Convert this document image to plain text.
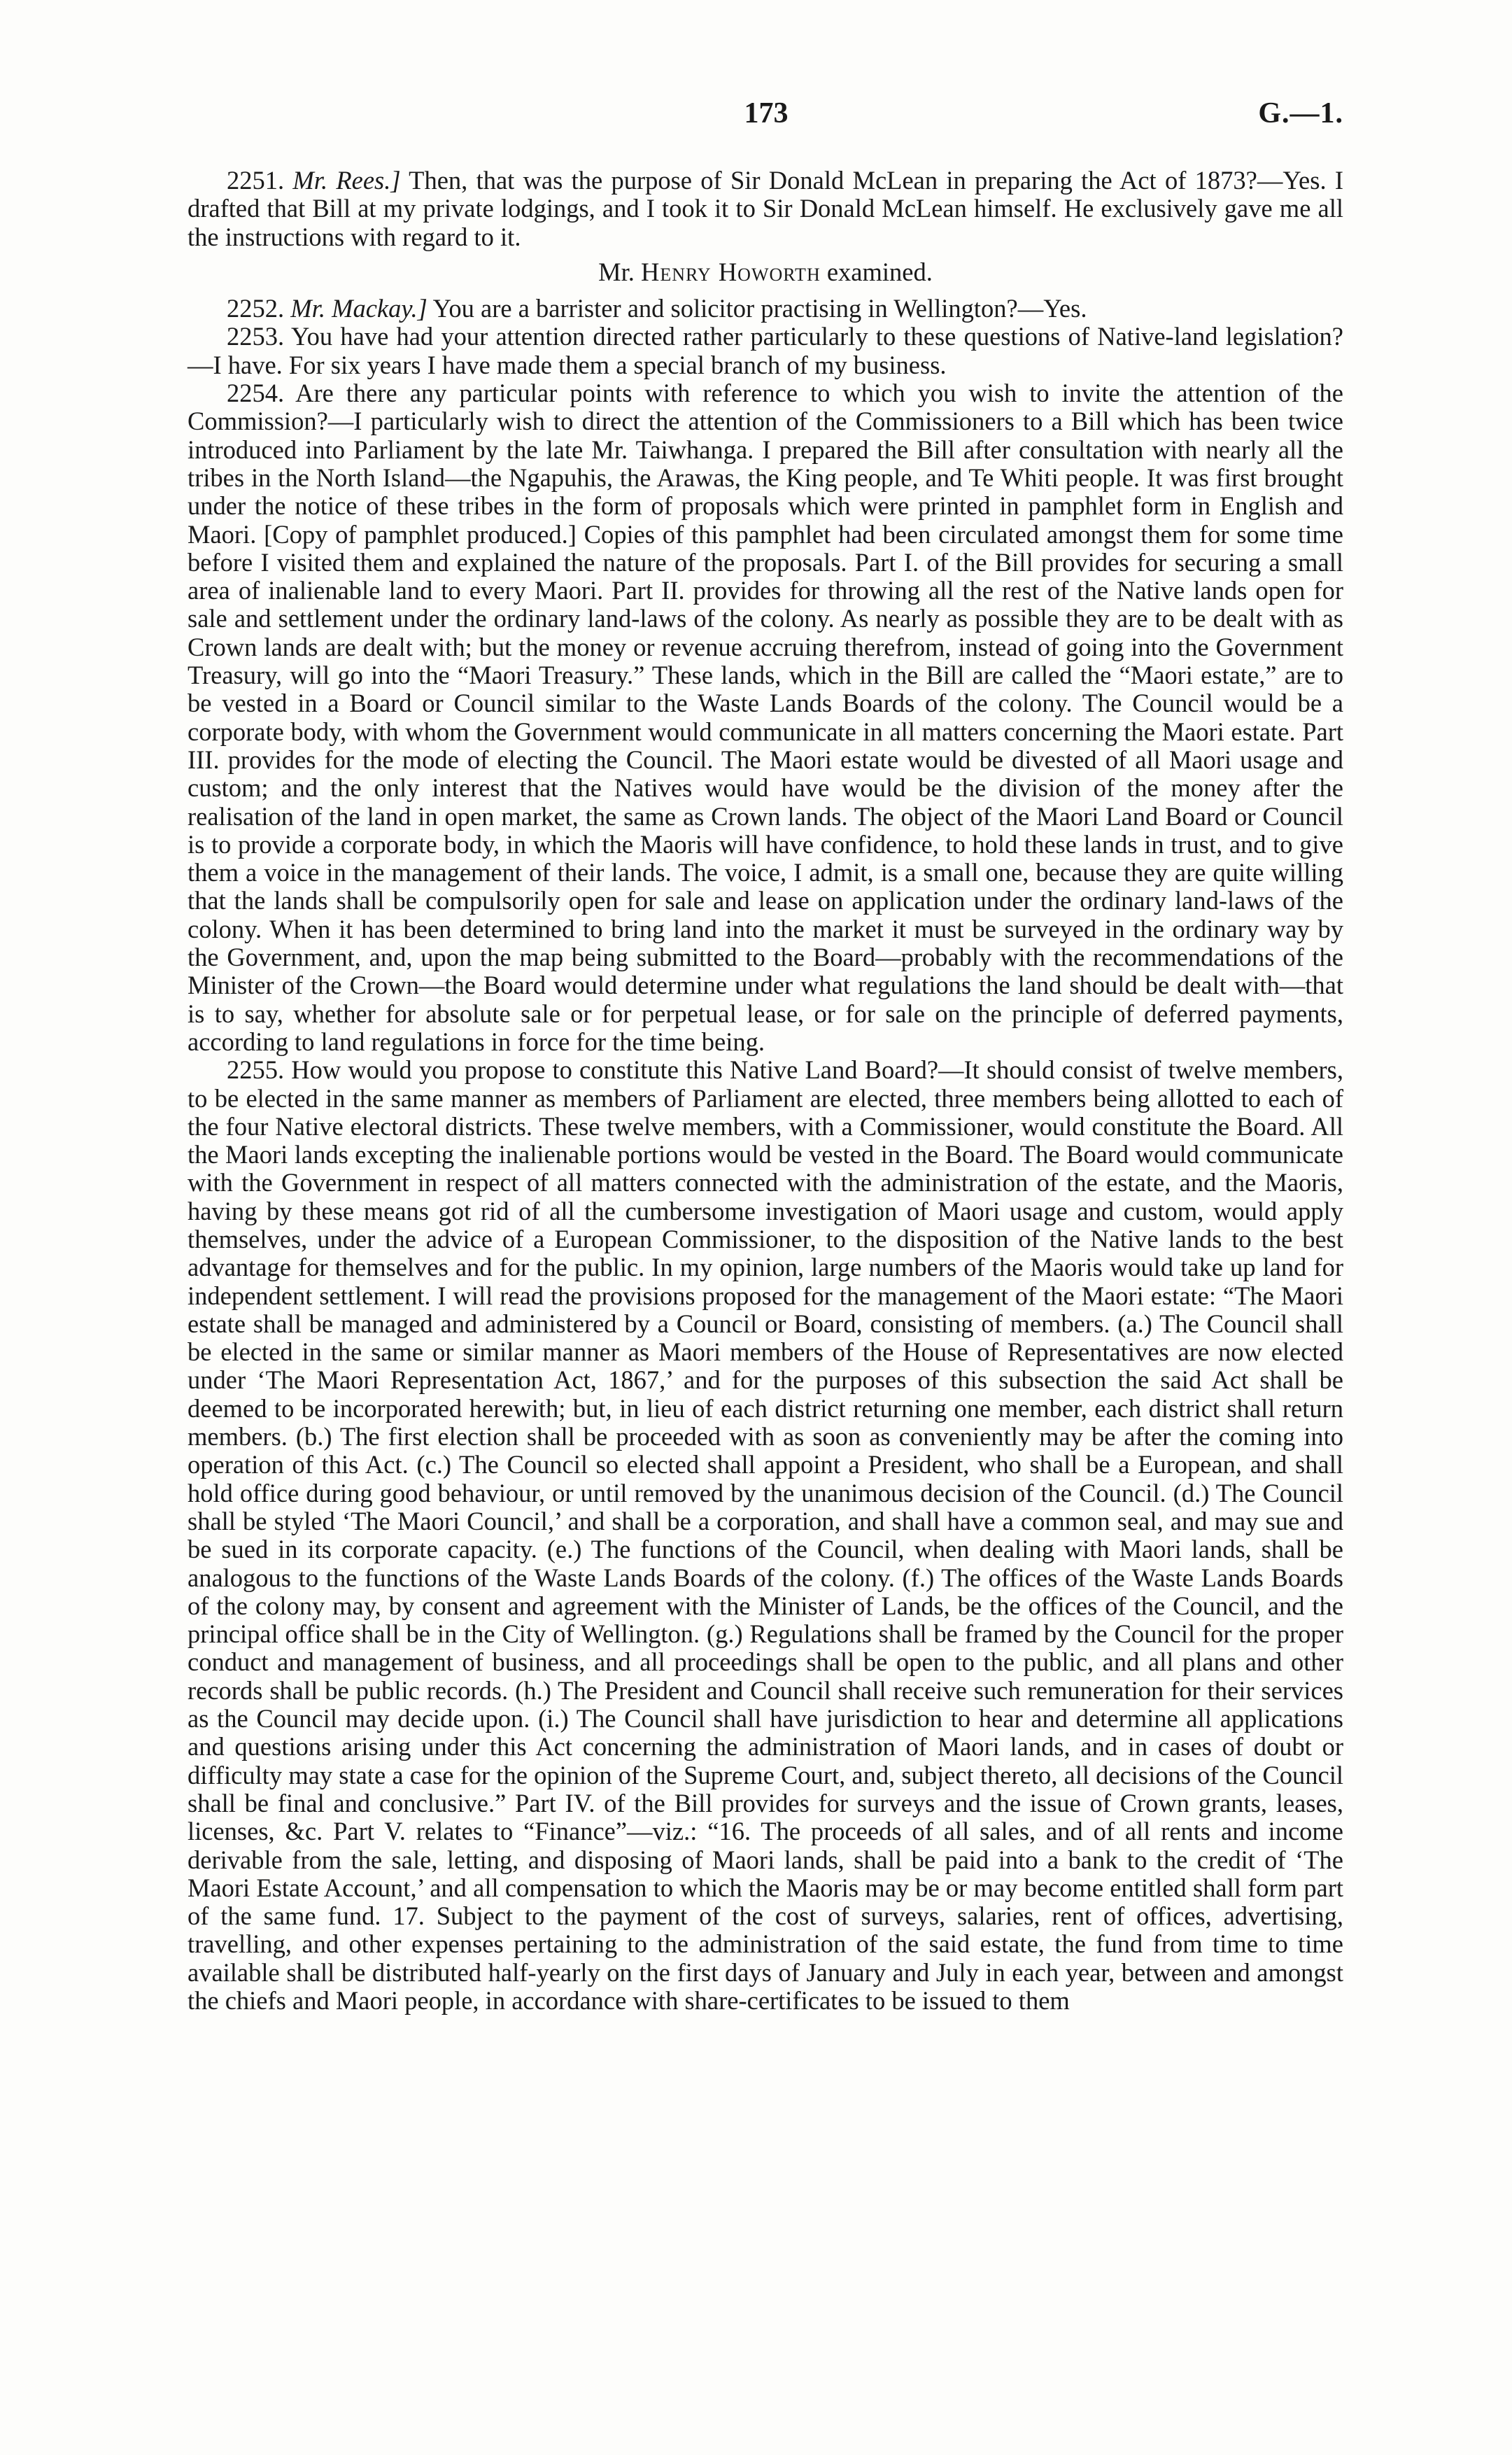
173	G.—1.

2251. Mr. Rees.] Then, that was the purpose of Sir Donald McLean in preparing the Act of 1873?—Yes. I drafted that Bill at my private lodgings, and I took it to Sir Donald McLean himself. He exclusively gave me all the instructions with regard to it.

Mr. Henry Howorth examined.

2252. Mr. Mackay.] You are a barrister and solicitor practising in Wellington?—Yes.

2253. You have had your attention directed rather particularly to these questions of Native-land legislation?—I have. For six years I have made them a special branch of my business.

2254. Are there any particular points with reference to which you wish to invite the attention of the Commission?—I particularly wish to direct the attention of the Commissioners to a Bill which has been twice introduced into Parliament by the late Mr. Taiwhanga. I prepared the Bill after consultation with nearly all the tribes in the North Island—the Ngapuhis, the Arawas, the King people, and Te Whiti people. It was first brought under the notice of these tribes in the form of proposals which were printed in pamphlet form in English and Maori. [Copy of pamphlet produced.] Copies of this pamphlet had been circulated amongst them for some time before I visited them and explained the nature of the proposals. Part I. of the Bill provides for securing a small area of inalienable land to every Maori. Part II. provides for throwing all the rest of the Native lands open for sale and settlement under the ordinary land-laws of the colony. As nearly as possible they are to be dealt with as Crown lands are dealt with; but the money or revenue accruing therefrom, instead of going into the Government Treasury, will go into the “Maori Treasury.” These lands, which in the Bill are called the “Maori estate,” are to be vested in a Board or Council similar to the Waste Lands Boards of the colony. The Council would be a corporate body, with whom the Government would communicate in all matters concerning the Maori estate. Part III. provides for the mode of electing the Council. The Maori estate would be divested of all Maori usage and custom; and the only interest that the Natives would have would be the division of the money after the realisation of the land in open market, the same as Crown lands. The object of the Maori Land Board or Council is to provide a corporate body, in which the Maoris will have confidence, to hold these lands in trust, and to give them a voice in the management of their lands. The voice, I admit, is a small one, because they are quite willing that the lands shall be compulsorily open for sale and lease on application under the ordinary land-laws of the colony. When it has been determined to bring land into the market it must be surveyed in the ordinary way by the Government, and, upon the map being submitted to the Board—probably with the recommendations of the Minister of the Crown—the Board would determine under what regulations the land should be dealt with—that is to say, whether for absolute sale or for perpetual lease, or for sale on the principle of deferred payments, according to land regulations in force for the time being.

2255. How would you propose to constitute this Native Land Board?—It should consist of twelve members, to be elected in the same manner as members of Parliament are elected, three members being allotted to each of the four Native electoral districts. These twelve members, with a Commissioner, would constitute the Board. All the Maori lands excepting the inalienable portions would be vested in the Board. The Board would communicate with the Government in respect of all matters connected with the administration of the estate, and the Maoris, having by these means got rid of all the cumbersome investigation of Maori usage and custom, would apply themselves, under the advice of a European Commissioner, to the disposition of the Native lands to the best advantage for themselves and for the public. In my opinion, large numbers of the Maoris would take up land for independent settlement. I will read the provisions proposed for the management of the Maori estate: “The Maori estate shall be managed and administered by a Council or Board, consisting of members. (a.) The Council shall be elected in the same or similar manner as Maori members of the House of Representatives are now elected under ‘The Maori Representation Act, 1867,’ and for the purposes of this subsection the said Act shall be deemed to be incorporated herewith; but, in lieu of each district returning one member, each district shall return members. (b.) The first election shall be proceeded with as soon as conveniently may be after the coming into operation of this Act. (c.) The Council so elected shall appoint a President, who shall be a European, and shall hold office during good behaviour, or until removed by the unanimous decision of the Council. (d.) The Council shall be styled ‘The Maori Council,’ and shall be a corporation, and shall have a common seal, and may sue and be sued in its corporate capacity. (e.) The functions of the Council, when dealing with Maori lands, shall be analogous to the functions of the Waste Lands Boards of the colony. (f.) The offices of the Waste Lands Boards of the colony may, by consent and agreement with the Minister of Lands, be the offices of the Council, and the principal office shall be in the City of Wellington. (g.) Regulations shall be framed by the Council for the proper conduct and management of business, and all proceedings shall be open to the public, and all plans and other records shall be public records. (h.) The President and Council shall receive such remuneration for their services as the Council may decide upon. (i.) The Council shall have jurisdiction to hear and determine all applications and questions arising under this Act concerning the administration of Maori lands, and in cases of doubt or difficulty may state a case for the opinion of the Supreme Court, and, subject thereto, all decisions of the Council shall be final and conclusive.” Part IV. of the Bill provides for surveys and the issue of Crown grants, leases, licenses, &c. Part V. relates to “Finance”—viz.: “16. The proceeds of all sales, and of all rents and income derivable from the sale, letting, and disposing of Maori lands, shall be paid into a bank to the credit of ‘The Maori Estate Account,’ and all compensation to which the Maoris may be or may become entitled shall form part of the same fund. 17. Subject to the payment of the cost of surveys, salaries, rent of offices, advertising, travelling, and other expenses pertaining to the administration of the said estate, the fund from time to time available shall be distributed half-yearly on the first days of January and July in each year, between and amongst the chiefs and Maori people, in accordance with share-certificates to be issued to them
